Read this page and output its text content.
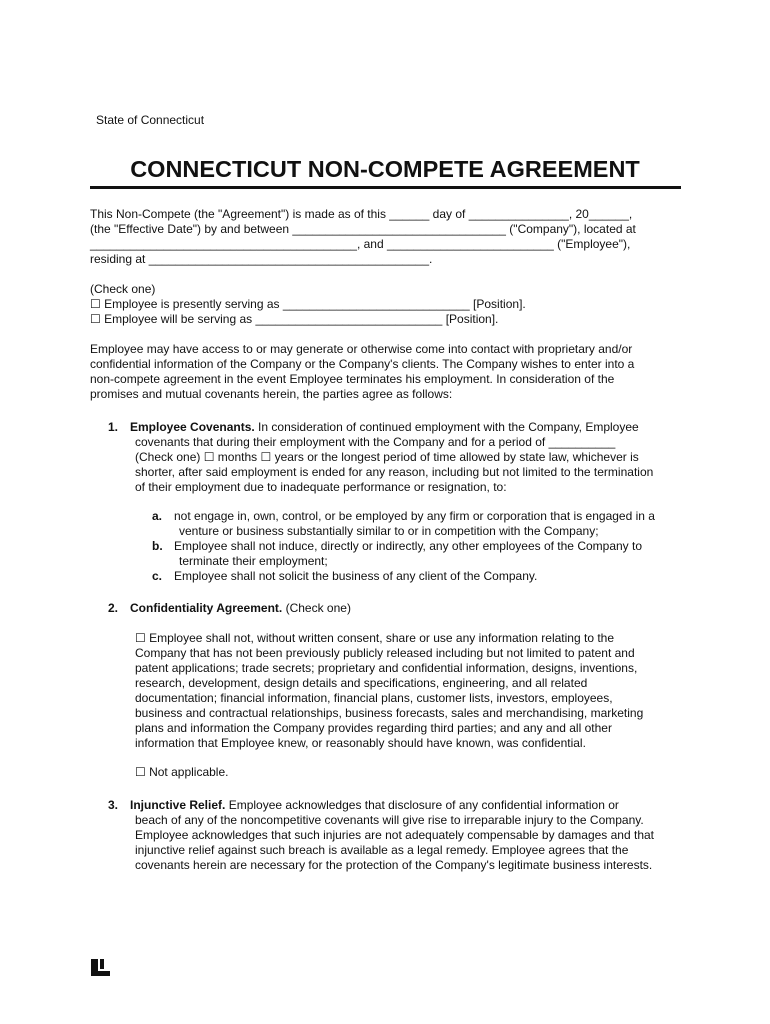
State of Connecticut
CONNECTICUT NON-COMPETE AGREEMENT
This Non-Compete (the "Agreement") is made as of this ______ day of _______________, 20______,
(the "Effective Date") by and between ________________________________ ("Company"), located at
________________________________________, and _________________________ ("Employee"),
residing at __________________________________________.
(Check one)
☐ Employee is presently serving as ____________________________ [Position].
☐ Employee will be serving as ____________________________ [Position].
Employee may have access to or may generate or otherwise come into contact with proprietary and/or
confidential information of the Company or the Company's clients. The Company wishes to enter into a
non-compete agreement in the event Employee terminates his employment. In consideration of the
promises and mutual covenants herein, the parties agree as follows:
1. Employee Covenants. In consideration of continued employment with the Company, Employee
covenants that during their employment with the Company and for a period of __________
(Check one) ☐ months ☐ years or the longest period of time allowed by state law, whichever is
shorter, after said employment is ended for any reason, including but not limited to the termination
of their employment due to inadequate performance or resignation, to:
a. not engage in, own, control, or be employed by any firm or corporation that is engaged in a
venture or business substantially similar to or in competition with the Company;
b. Employee shall not induce, directly or indirectly, any other employees of the Company to
terminate their employment;
c. Employee shall not solicit the business of any client of the Company.
2. Confidentiality Agreement. (Check one)
☐ Employee shall not, without written consent, share or use any information relating to the
Company that has not been previously publicly released including but not limited to patent and
patent applications; trade secrets; proprietary and confidential information, designs, inventions,
research, development, design details and specifications, engineering, and all related
documentation; financial information, financial plans, customer lists, investors, employees,
business and contractual relationships, business forecasts, sales and merchandising, marketing
plans and information the Company provides regarding third parties; and any and all other
information that Employee knew, or reasonably should have known, was confidential.
☐ Not applicable.
3. Injunctive Relief. Employee acknowledges that disclosure of any confidential information or
beach of any of the noncompetitive covenants will give rise to irreparable injury to the Company.
Employee acknowledges that such injuries are not adequately compensable by damages and that
injunctive relief against such breach is available as a legal remedy. Employee agrees that the
covenants herein are necessary for the protection of the Company's legitimate business interests.
